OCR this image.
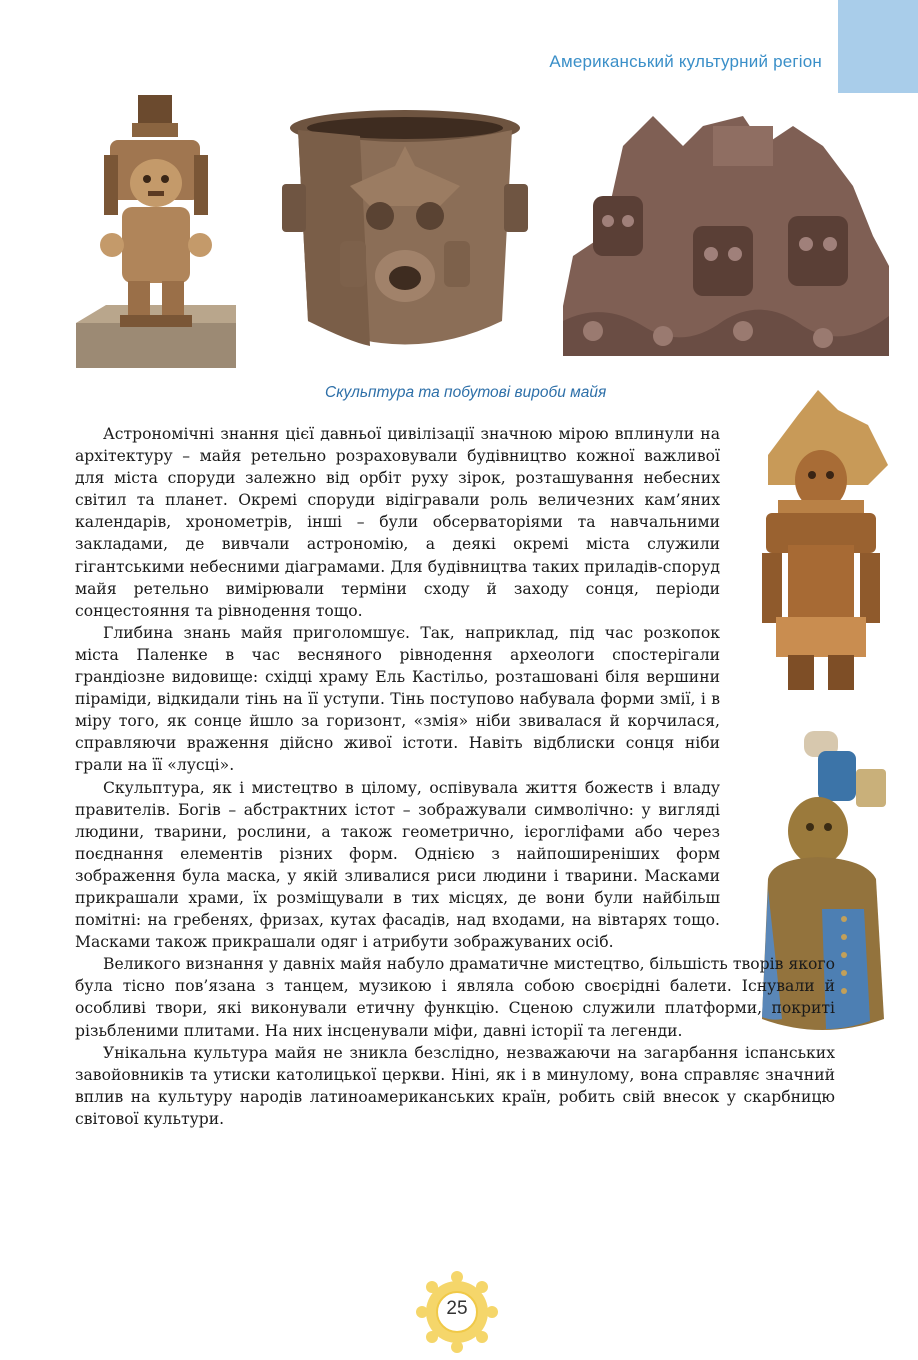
Американський культурний регіон
Скульптура та побутові вироби майя

Астрономічні знання цієї давньої цивілізації значною мірою вплинули на архітектуру – майя ретельно розраховували будівництво кожної важливої для міста споруди залежно від орбіт руху зірок, розташування небесних світил та планет. Окремі споруди відігравали роль величезних кам’яних календарів, хронометрів, інші – були обсерваторіями та навчальними закладами, де вивчали астрономію, а деякі окремі міста служили гігантськими небесними діаграмами. Для будівництва таких приладів-споруд майя ретельно вимірювали терміни сходу й заходу сонця, періоди сонцестояння та рівнодення тощо.

Глибина знань майя приголомшує. Так, наприклад, під час розкопок міста Паленке в час весняного рівнодення археологи спостерігали грандіозне видовище: східці храму Ель Кастільо, розташовані біля вершини піраміди, відкидали тінь на її уступи. Тінь поступово набувала форми змії, і в міру того, як сонце йшло за горизонт, «змія» ніби звивалася й корчилася, справляючи враження дійсно живої істоти. Навіть відблиски сонця ніби грали на її «лусці».

Скульптура, як і мистецтво в цілому, оспівувала життя божеств і владу правителів. Богів – абстрактних істот – зображували символічно: у вигляді людини, тварини, рослини, а також геометрично, ієрогліфами або через поєднання елементів різних форм. Однією з найпоширеніших форм зображення була маска, у якій зливалися риси людини і тварини. Масками прикрашали храми, їх розміщували в тих місцях, де вони були найбільш помітні: на гребенях, фризах, кутах фасадів, над входами, на вівтарях тощо. Масками також прикрашали одяг і атрибути зображуваних осіб.

Великого визнання у давніх майя набуло драматичне мистецтво, більшість творів якого була тісно пов’язана з танцем, музикою і являла собою своєрідні балети. Існували й особливі твори, які виконували етичну функцію. Сценою служили платформи, покриті різьбленими плитами. На них інсценували міфи, давні історії та легенди.

Унікальна культура майя не зникла безслідно, незважаючи на загарбання іспанських завойовників та утиски католицької церкви. Ніні, як і в минулому, вона справляє значний вплив на культуру народів латиноамериканських країн, робить свій внесок у скарбницю світової культури.

25
